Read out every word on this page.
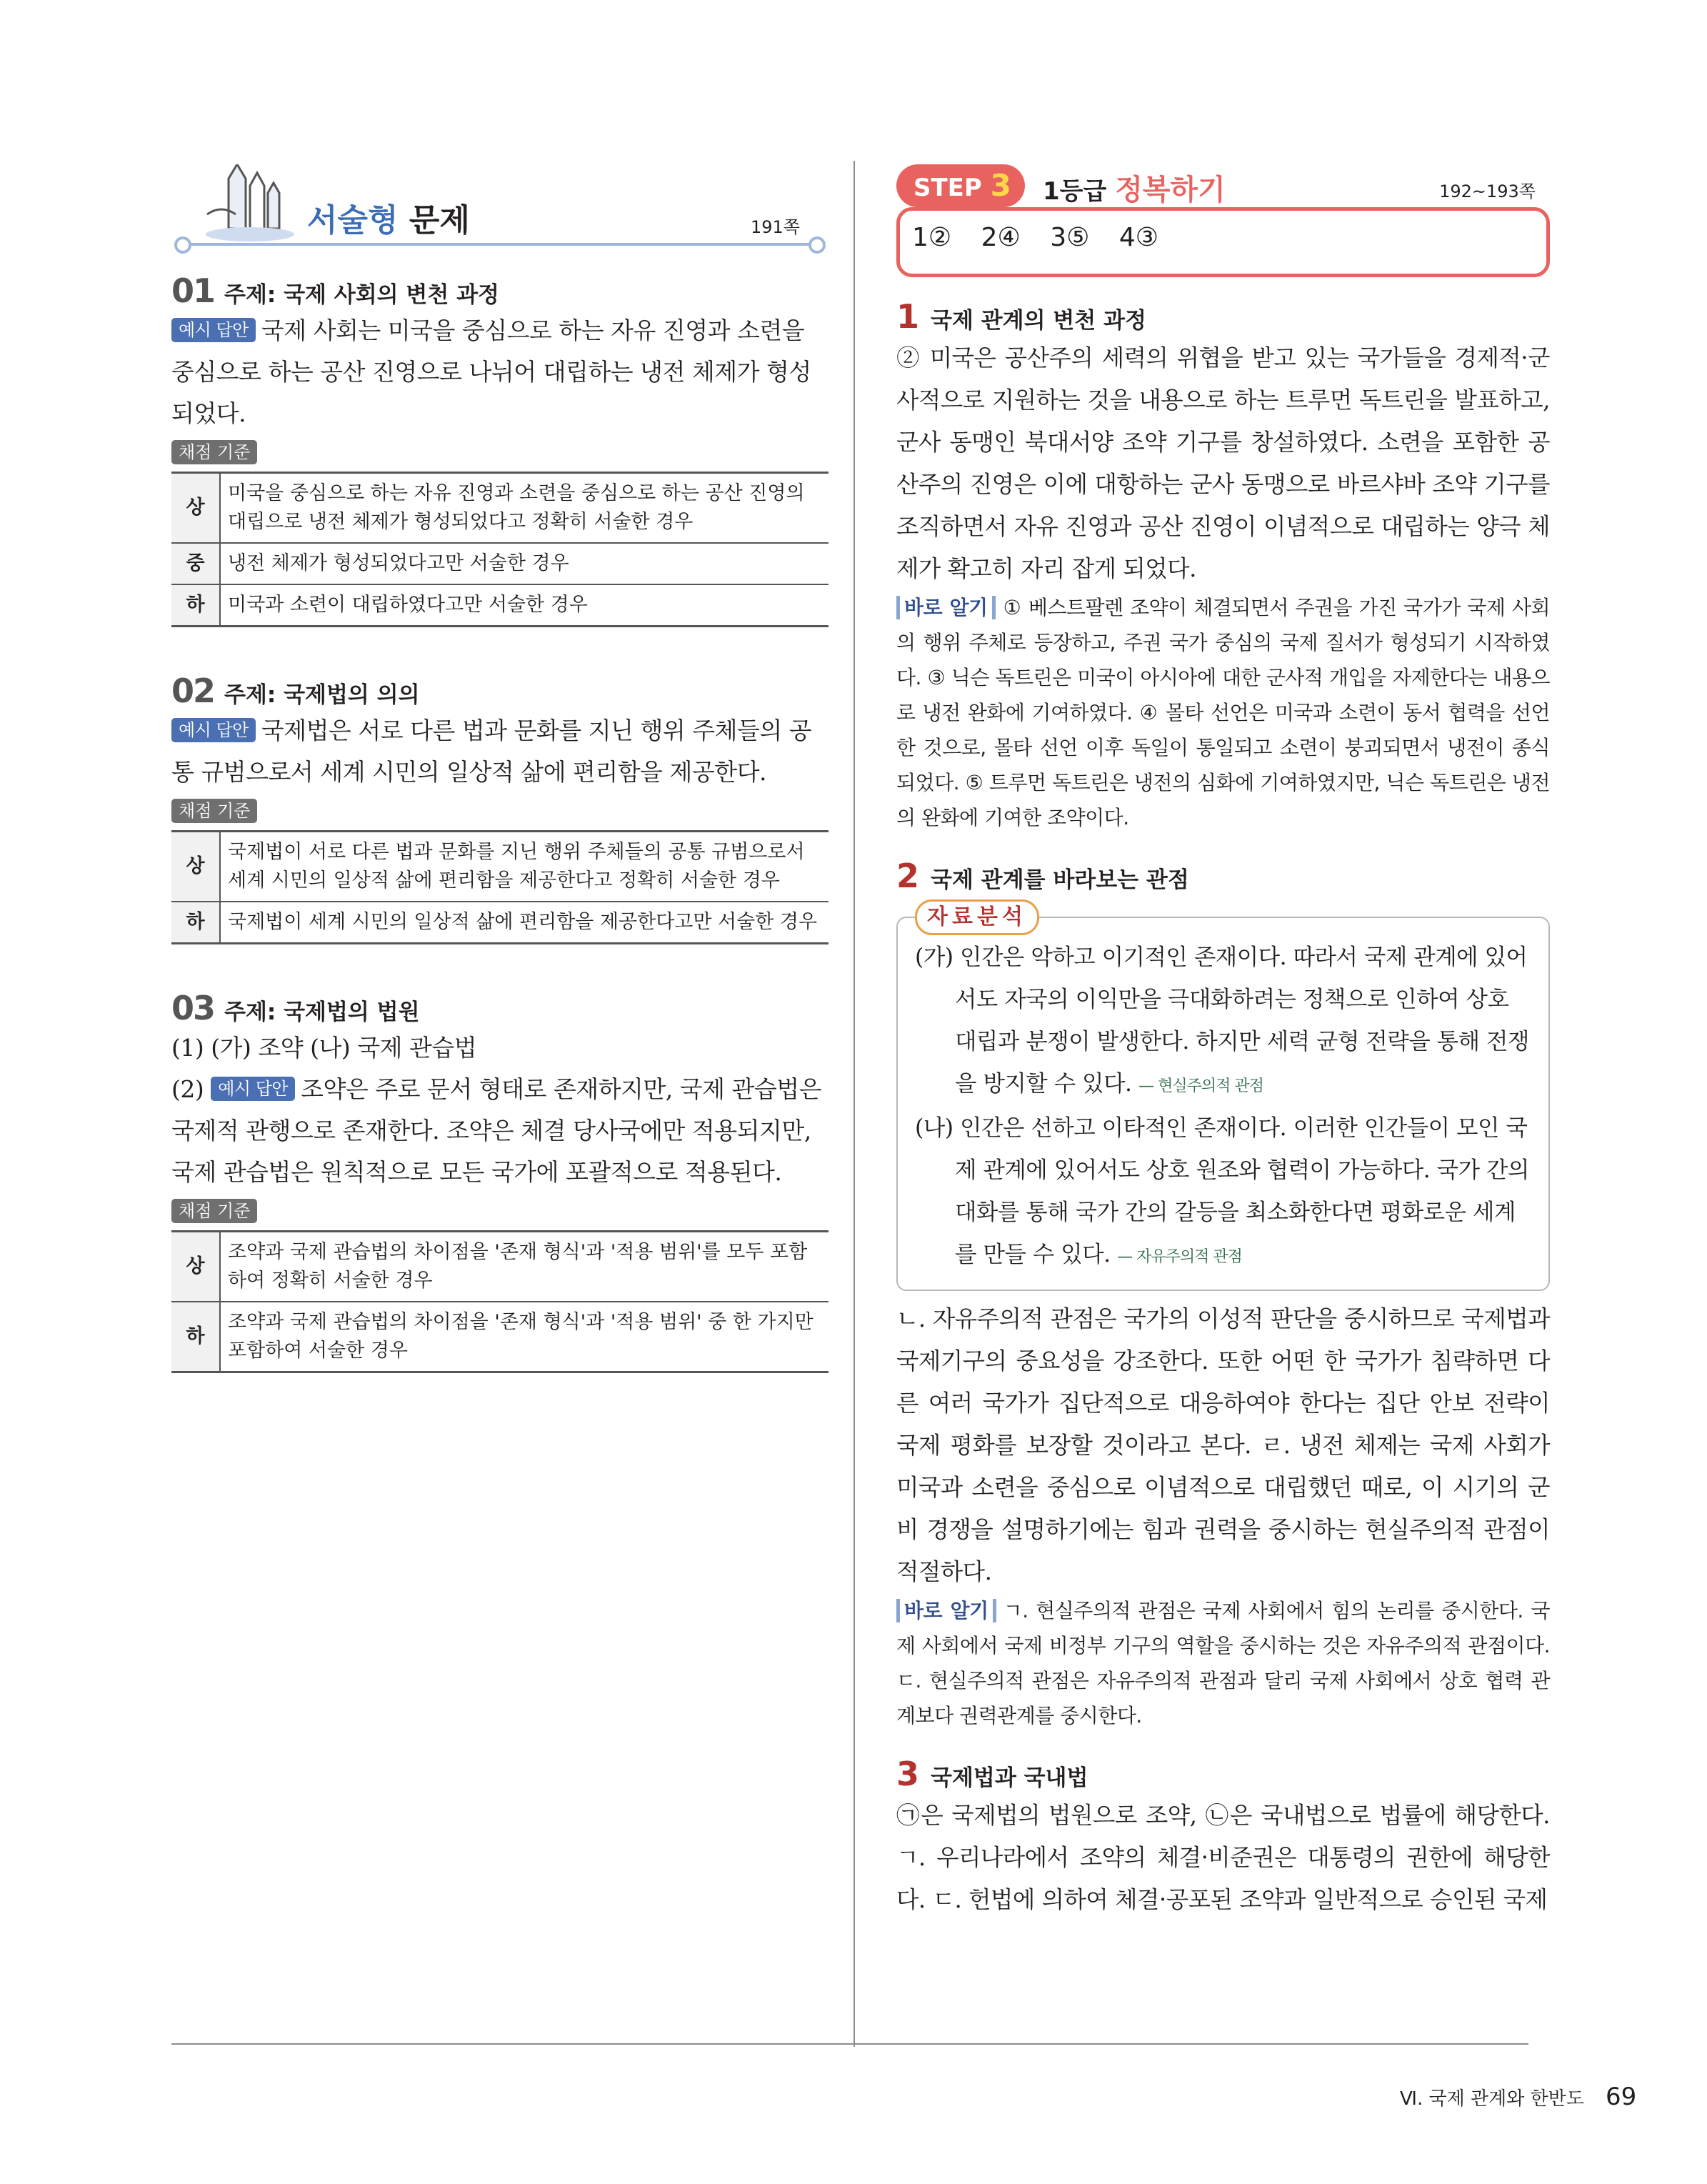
서술형 문제	191쪽
01 주제: 국제 사회의 변천 과정
예시 답안 국제 사회는 미국을 중심으로 하는 자유 진영과 소련을 중심으로 하는 공산 진영으로 나뉘어 대립하는 냉전 체제가 형성되었다.
채점 기준
상	미국을 중심으로 하는 자유 진영과 소련을 중심으로 하는 공산 진영의 대립으로 냉전 체제가 형성되었다고 정확히 서술한 경우
중	냉전 체제가 형성되었다고만 서술한 경우
하	미국과 소련이 대립하였다고만 서술한 경우
02 주제: 국제법의 의의
예시 답안 국제법은 서로 다른 법과 문화를 지닌 행위 주체들의 공통 규범으로서 세계 시민의 일상적 삶에 편리함을 제공한다.
채점 기준
상	국제법이 서로 다른 법과 문화를 지닌 행위 주체들의 공통 규범으로서 세계 시민의 일상적 삶에 편리함을 제공한다고 정확히 서술한 경우
하	국제법이 세계 시민의 일상적 삶에 편리함을 제공한다고만 서술한 경우
03 주제: 국제법의 법원
(1) (가) 조약 (나) 국제 관습법
(2) 예시 답안 조약은 주로 문서 형태로 존재하지만, 국제 관습법은 국제적 관행으로 존재한다. 조약은 체결 당사국에만 적용되지만, 국제 관습법은 원칙적으로 모든 국가에 포괄적으로 적용된다.
채점 기준
상	조약과 국제 관습법의 차이점을 '존재 형식'과 '적용 범위'를 모두 포함하여 정확히 서술한 경우
하	조약과 국제 관습법의 차이점을 '존재 형식'과 '적용 범위' 중 한 가지만 포함하여 서술한 경우
STEP 3	1등급 정복하기	192~193쪽
1② 2④ 3⑤ 4③
1 국제 관계의 변천 과정
② 미국은 공산주의 세력의 위협을 받고 있는 국가들을 경제적·군사적으로 지원하는 것을 내용으로 하는 트루먼 독트린을 발표하고, 군사 동맹인 북대서양 조약 기구를 창설하였다. 소련을 포함한 공산주의 진영은 이에 대항하는 군사 동맹으로 바르샤바 조약 기구를 조직하면서 자유 진영과 공산 진영이 이념적으로 대립하는 양극 체제가 확고히 자리 잡게 되었다.
바로 알기 ① 베스트팔렌 조약이 체결되면서 주권을 가진 국가가 국제 사회의 행위 주체로 등장하고, 주권 국가 중심의 국제 질서가 형성되기 시작하였다. ③ 닉슨 독트린은 미국이 아시아에 대한 군사적 개입을 자제한다는 내용으로 냉전 완화에 기여하였다. ④ 몰타 선언은 미국과 소련이 동서 협력을 선언한 것으로, 몰타 선언 이후 독일이 통일되고 소련이 붕괴되면서 냉전이 종식되었다. ⑤ 트루먼 독트린은 냉전의 심화에 기여하였지만, 닉슨 독트린은 냉전의 완화에 기여한 조약이다.
2 국제 관계를 바라보는 관점
자료분석

(가) 인간은 악하고 이기적인 존재이다. 따라서 국제 관계에 있어서도 자국의 이익만을 극대화하려는 정책으로 인하여 상호 대립과 분쟁이 발생한다. 하지만 세력 균형 전략을 통해 전쟁을 방지할 수 있다. — 현실주의적 관점

(나) 인간은 선하고 이타적인 존재이다. 이러한 인간들이 모인 국제 관계에 있어서도 상호 원조와 협력이 가능하다. 국가 간의 대화를 통해 국가 간의 갈등을 최소화한다면 평화로운 세계를 만들 수 있다. — 자유주의적 관점

ㄴ. 자유주의적 관점은 국가의 이성적 판단을 중시하므로 국제법과 국제기구의 중요성을 강조한다. 또한 어떤 한 국가가 침략하면 다른 여러 국가가 집단적으로 대응하여야 한다는 집단 안보 전략이 국제 평화를 보장할 것이라고 본다. ㄹ. 냉전 체제는 국제 사회가 미국과 소련을 중심으로 이념적으로 대립했던 때로, 이 시기의 군비 경쟁을 설명하기에는 힘과 권력을 중시하는 현실주의적 관점이 적절하다.
바로 알기 ㄱ. 현실주의적 관점은 국제 사회에서 힘의 논리를 중시한다. 국제 사회에서 국제 비정부 기구의 역할을 중시하는 것은 자유주의적 관점이다. ㄷ. 현실주의적 관점은 자유주의적 관점과 달리 국제 사회에서 상호 협력 관계보다 권력관계를 중시한다.
3 국제법과 국내법
㉠은 국제법의 법원으로 조약, ㉡은 국내법으로 법률에 해당한다. ㄱ. 우리나라에서 조약의 체결·비준권은 대통령의 권한에 해당한다. ㄷ. 헌법에 의하여 체결·공포된 조약과 일반적으로 승인된 국제
Ⅵ. 국제 관계와 한반도 69
